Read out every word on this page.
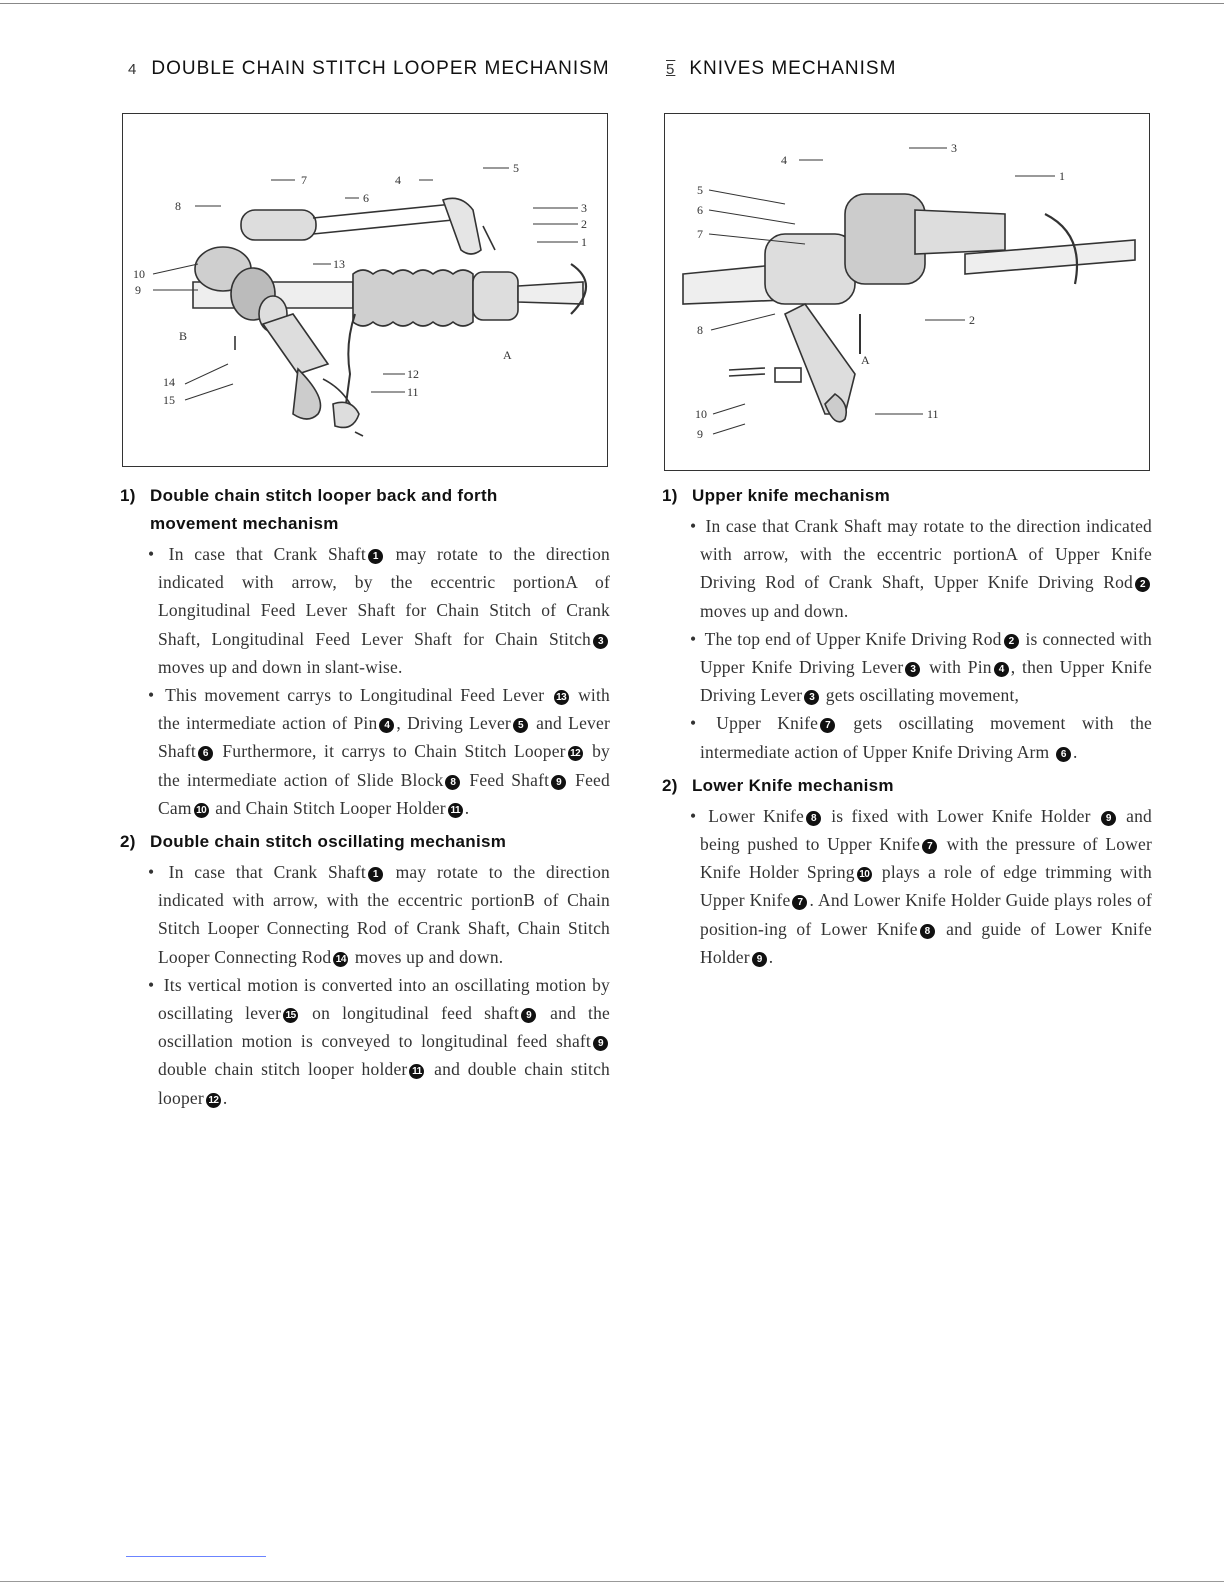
4 DOUBLE CHAIN STITCH LOOPER MECHANISM
7	4
5
6
8	3
2
1
13
10
9
B
A
12
11
14
15
1) Double chain stitch looper back and forth
movement mechanism

• In case that Crank Shaft 1 may rotate to the direction indicated with arrow, by the eccentric portionA of Longitudinal Feed Lever Shaft for Chain Stitch of Crank Shaft, Longitudinal Feed Lever Shaft for Chain Stitch 3 moves up and down in slant-wise.

• This movement carrys to Longitudinal Feed Lever 13 with the intermediate action of Pin 4 , Driving Lever 5 and Lever Shaft 6 Furthermore, it carrys to Chain Stitch Looper 12 by the intermediate action of Slide Block 8 Feed Shaft 9 Feed Cam 10 and Chain Stitch Looper Holder 11 .

2) Double chain stitch oscillating mechanism

• In case that Crank Shaft 1 may rotate to the direction indicated with arrow, with the eccentric portionB of Chain Stitch Looper Connecting Rod of Crank Shaft, Chain Stitch Looper Connecting Rod 14 moves up and down.

• Its vertical motion is converted into an oscillating motion by oscillating lever 15 on longitudinal feed shaft 9 and the oscillation motion is conveyed to longitudinal feed shaft 9 double chain stitch looper holder 11 and double chain stitch looper 12 .

5 KNIVES MECHANISM
4
3
1
5
6
7
8
2
A
10
9
11
1) Upper knife mechanism

• In case that Crank Shaft may rotate to the direction indicated with arrow, with the eccentric portionA of Upper Knife Driving Rod of Crank Shaft, Upper Knife Driving Rod 2 moves up and down.

• The top end of Upper Knife Driving Rod 2 is connected with Upper Knife Driving Lever 3 with Pin 4 , then Upper Knife Driving Lever 3 gets oscillating movement,

• Upper Knife 7 gets oscillating movement with the intermediate action of Upper Knife Driving Arm 6 .

2) Lower Knife mechanism

• Lower Knife 8 is fixed with Lower Knife Holder 9 and being pushed to Upper Knife 7 with the pressure of Lower Knife Holder Spring 10 plays a role of edge trimming with Upper Knife 7 . And Lower Knife Holder Guide plays roles of position-ing of Lower Knife 8 and guide of Lower Knife Holder 9 .
